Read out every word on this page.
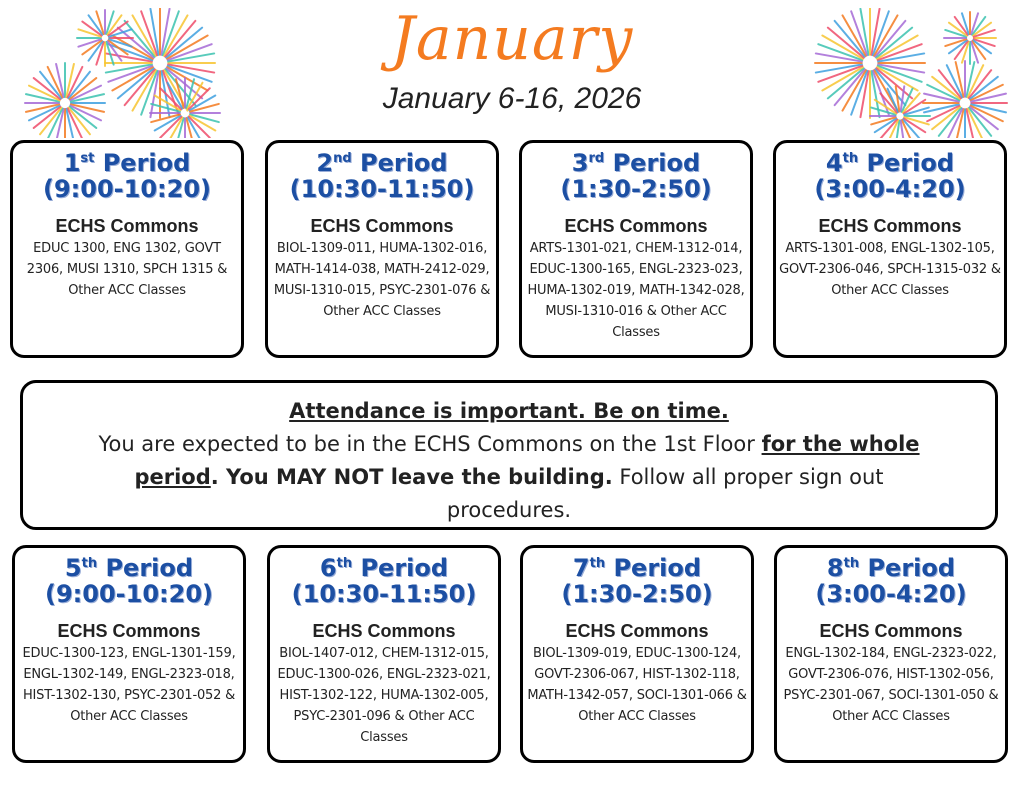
January
January 6-16, 2026
1st Period
(9:00-10:20)
ECHS Commons
EDUC 1300, ENG 1302, GOVT 2306, MUSI 1310, SPCH 1315 & Other ACC Classes
2nd Period
(10:30-11:50)
ECHS Commons
BIOL-1309-011, HUMA-1302-016, MATH-1414-038, MATH-2412-029, MUSI-1310-015, PSYC-2301-076 & Other ACC Classes
3rd Period
(1:30-2:50)
ECHS Commons
ARTS-1301-021, CHEM-1312-014, EDUC-1300-165, ENGL-2323-023, HUMA-1302-019, MATH-1342-028, MUSI-1310-016 & Other ACC Classes
4th Period
(3:00-4:20)
ECHS Commons
ARTS-1301-008, ENGL-1302-105, GOVT-2306-046, SPCH-1315-032 & Other ACC Classes
Attendance is important. Be on time.
You are expected to be in the ECHS Commons on the 1st Floor for the whole
period. You MAY NOT leave the building. Follow all proper sign out procedures.
5th Period
(9:00-10:20)
ECHS Commons
EDUC-1300-123, ENGL-1301-159, ENGL-1302-149, ENGL-2323-018, HIST-1302-130, PSYC-2301-052 & Other ACC Classes
6th Period
(10:30-11:50)
ECHS Commons
BIOL-1407-012, CHEM-1312-015, EDUC-1300-026, ENGL-2323-021, HIST-1302-122, HUMA-1302-005, PSYC-2301-096 & Other ACC Classes
7th Period
(1:30-2:50)
ECHS Commons
BIOL-1309-019, EDUC-1300-124, GOVT-2306-067, HIST-1302-118, MATH-1342-057, SOCI-1301-066 & Other ACC Classes
8th Period
(3:00-4:20)
ECHS Commons
ENGL-1302-184, ENGL-2323-022, GOVT-2306-076, HIST-1302-056, PSYC-2301-067, SOCI-1301-050 & Other ACC Classes
